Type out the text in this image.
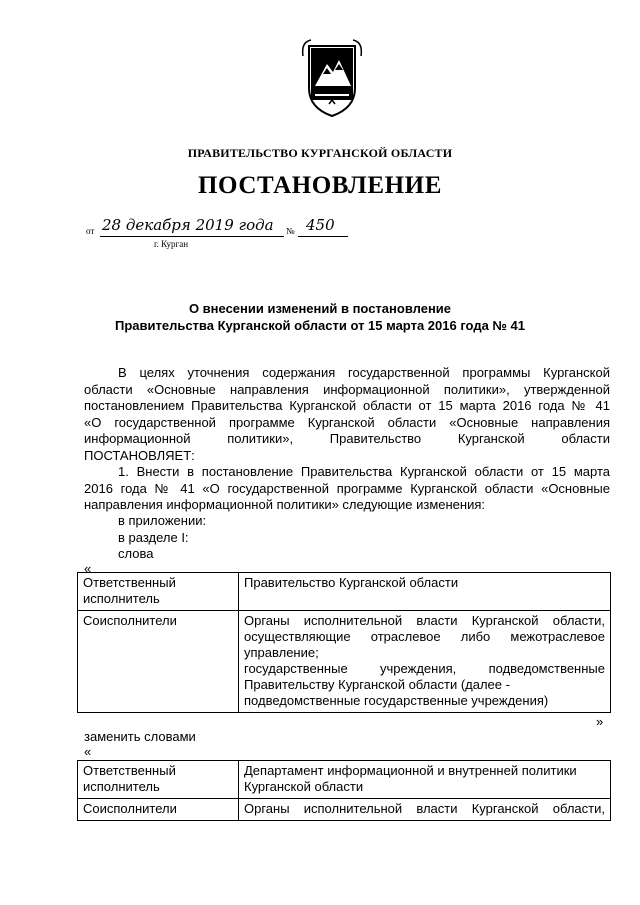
ПРАВИТЕЛЬСТВО КУРГАНСКОЙ ОБЛАСТИ
ПОСТАНОВЛЕНИЕ
от 28 декабря 2019 года № 450
г. Курган
О внесении изменений в постановление
Правительства Курганской области от 15 марта 2016 года № 41
В целях уточнения содержания государственной программы Курганской
области «Основные направления информационной политики», утвержденной
постановлением Правительства Курганской области от 15 марта 2016 года № 41
«О государственной программе Курганской области «Основные направления
информационной политики», Правительство Курганской области
ПОСТАНОВЛЯЕТ:
1. Внести в постановление Правительства Курганской области от 15 марта
2016 года № 41 «О государственной программе Курганской области «Основные
направления информационной политики» следующие изменения:
в приложении:
в разделе I:
слова
«
Ответственный исполнитель	Правительство Курганской области
Соисполнители	Органы исполнительной власти Курганской области, осуществляющие отраслевое либо межотраслевое управление;
государственные учреждения, подведомственные Правительству Курганской области (далее -
подведомственные государственные учреждения)
»
заменить словами
«
Ответственный исполнитель	Департамент информационной и внутренней политики Курганской области
Соисполнители	Органы исполнительной власти Курганской области,
